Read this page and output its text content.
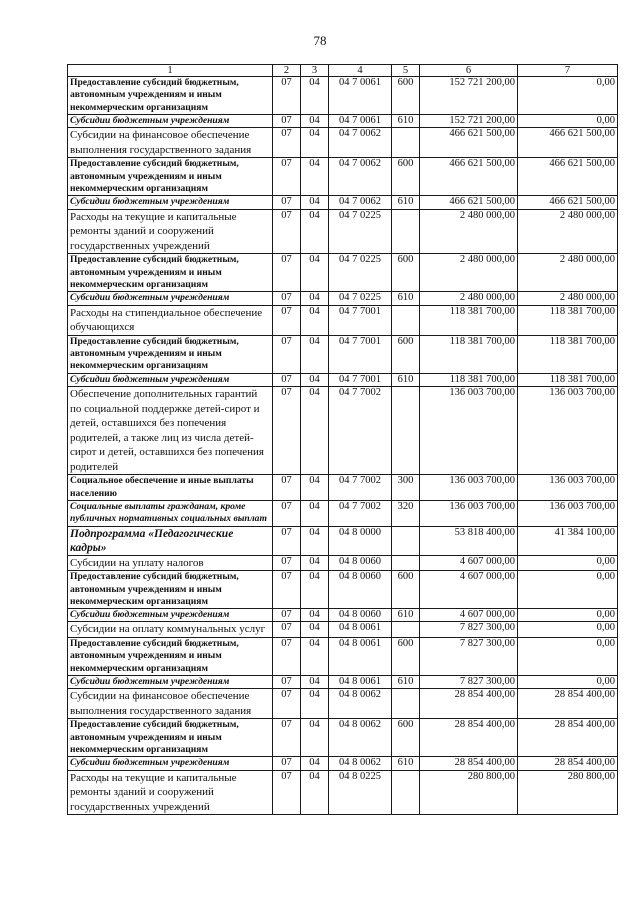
78
1	2	3	4	5	6	7
Предоставление субсидий бюджетным, автономным учреждениям и иным некоммерческим организациям	07	04	04 7 0061	600	152 721 200,00	0,00
Субсидии бюджетным учреждениям	07	04	04 7 0061	610	152 721 200,00	0,00
Субсидии на финансовое обеспечение выполнения государственного задания	07	04	04 7 0062		466 621 500,00	466 621 500,00
Предоставление субсидий бюджетным, автономным учреждениям и иным некоммерческим организациям	07	04	04 7 0062	600	466 621 500,00	466 621 500,00
Субсидии бюджетным учреждениям	07	04	04 7 0062	610	466 621 500,00	466 621 500,00
Расходы на текущие и капитальные ремонты зданий и сооружений государственных учреждений	07	04	04 7 0225		2 480 000,00	2 480 000,00
Предоставление субсидий бюджетным, автономным учреждениям и иным некоммерческим организациям	07	04	04 7 0225	600	2 480 000,00	2 480 000,00
Субсидии бюджетным учреждениям	07	04	04 7 0225	610	2 480 000,00	2 480 000,00
Расходы на стипендиальное обеспечение обучающихся	07	04	04 7 7001		118 381 700,00	118 381 700,00
Предоставление субсидий бюджетным, автономным учреждениям и иным некоммерческим организациям	07	04	04 7 7001	600	118 381 700,00	118 381 700,00
Субсидии бюджетным учреждениям	07	04	04 7 7001	610	118 381 700,00	118 381 700,00
Обеспечение дополнительных гарантий по социальной поддержке детей-сирот и детей, оставшихся без попечения родителей, а также лиц из числа детей-сирот и детей, оставшихся без попечения родителей	07	04	04 7 7002		136 003 700,00	136 003 700,00
Социальное обеспечение и иные выплаты населению	07	04	04 7 7002	300	136 003 700,00	136 003 700,00
Социальные выплаты гражданам, кроме публичных нормативных социальных выплат	07	04	04 7 7002	320	136 003 700,00	136 003 700,00
Подпрограмма «Педагогические кадры»	07	04	04 8 0000		53 818 400,00	41 384 100,00
Субсидии на уплату налогов	07	04	04 8 0060		4 607 000,00	0,00
Предоставление субсидий бюджетным, автономным учреждениям и иным некоммерческим организациям	07	04	04 8 0060	600	4 607 000,00	0,00
Субсидии бюджетным учреждениям	07	04	04 8 0060	610	4 607 000,00	0,00
Субсидии на оплату коммунальных услуг	07	04	04 8 0061		7 827 300,00	0,00
Предоставление субсидий бюджетным, автономным учреждениям и иным некоммерческим организациям	07	04	04 8 0061	600	7 827 300,00	0,00
Субсидии бюджетным учреждениям	07	04	04 8 0061	610	7 827 300,00	0,00
Субсидии на финансовое обеспечение выполнения государственного задания	07	04	04 8 0062		28 854 400,00	28 854 400,00
Предоставление субсидий бюджетным, автономным учреждениям и иным некоммерческим организациям	07	04	04 8 0062	600	28 854 400,00	28 854 400,00
Субсидии бюджетным учреждениям	07	04	04 8 0062	610	28 854 400,00	28 854 400,00
Расходы на текущие и капитальные ремонты зданий и сооружений государственных учреждений	07	04	04 8 0225		280 800,00	280 800,00
